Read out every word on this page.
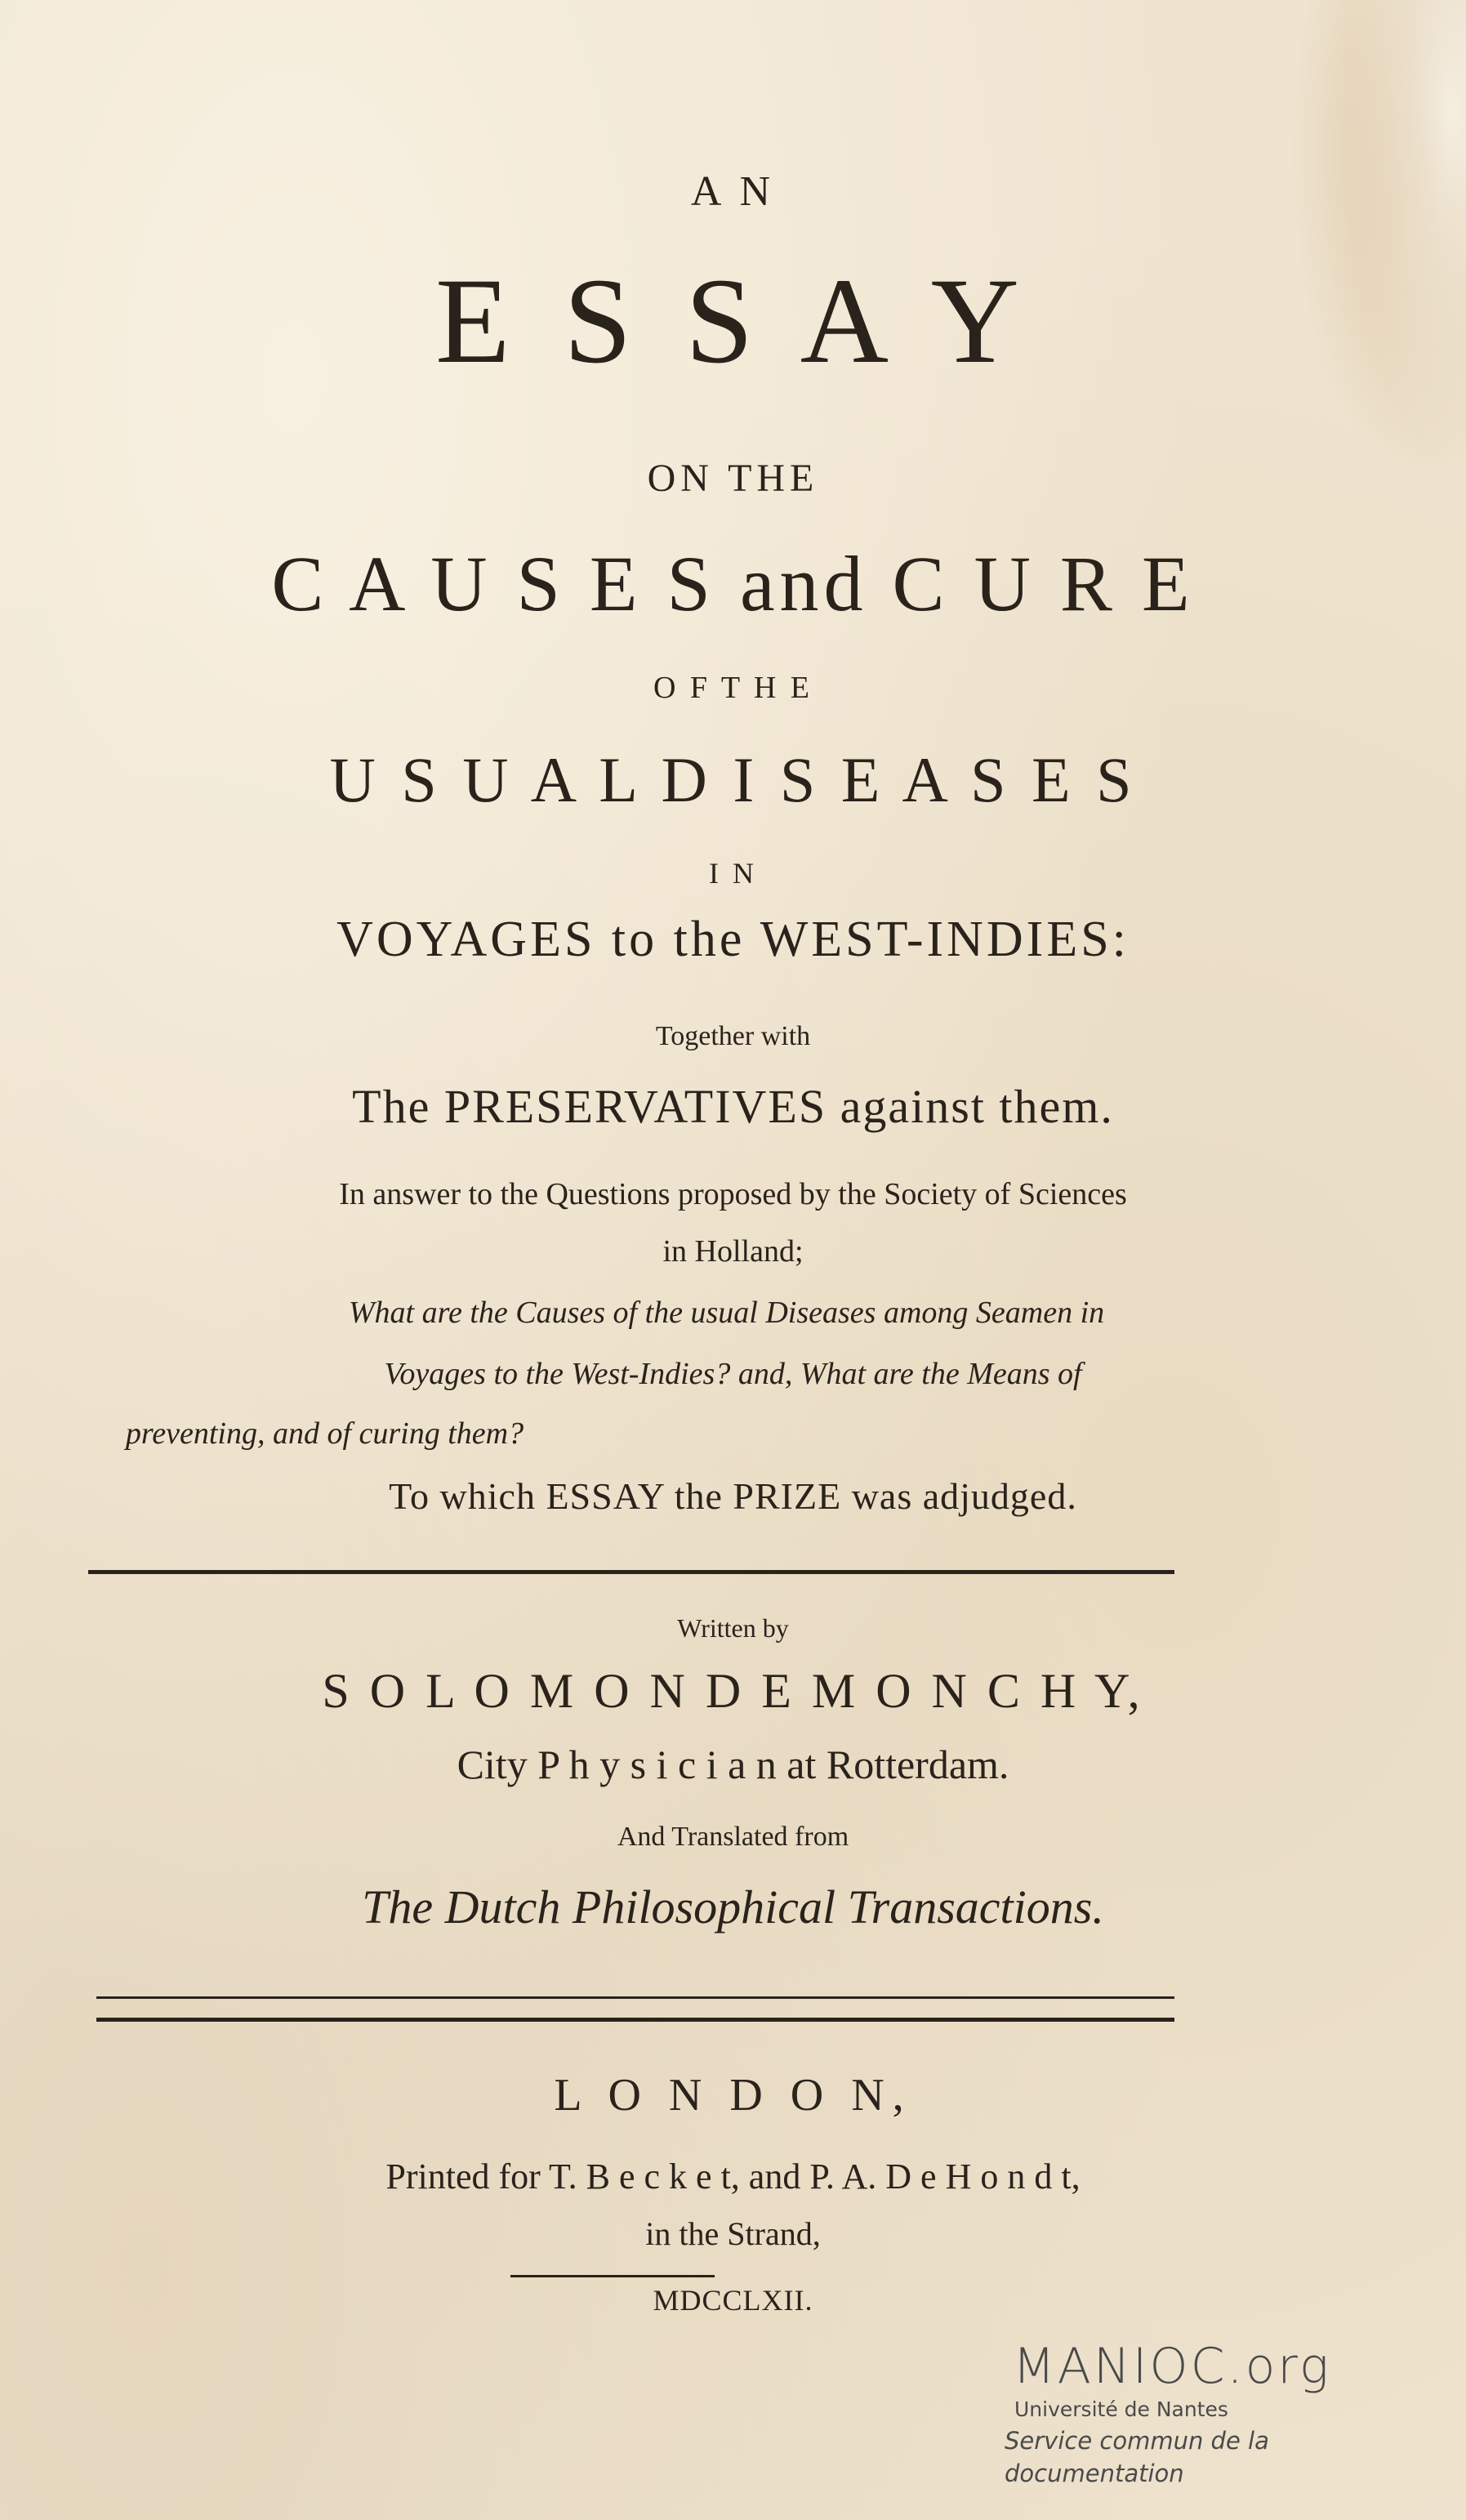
A N
E S S A Y
ON THE
C A U S E S and C U R E
O F T H E
U S U A L D I S E A S E S
I N
VOYAGES to the WEST-INDIES:
Together with
The PRESERVATIVES against them.
In answer to the Questions proposed by the Society of Sciences
in Holland;
What are the Causes of the usual Diseases among Seamen in
Voyages to the West-Indies? and, What are the Means of
preventing, and of curing them?
To which ESSAY the PRIZE was adjudged.
Written by
S O L O M O N D E M O N C H Y,
City P h y s i c i a n at Rotterdam.
And Translated from
The Dutch Philosophical Transactions.
L O N D O N,
Printed for T. B e c k e t, and P. A. D e H o n d t,
in the Strand,
MDCCLXII.
MANIOC.org
Université de Nantes
Service commun de la documentation
